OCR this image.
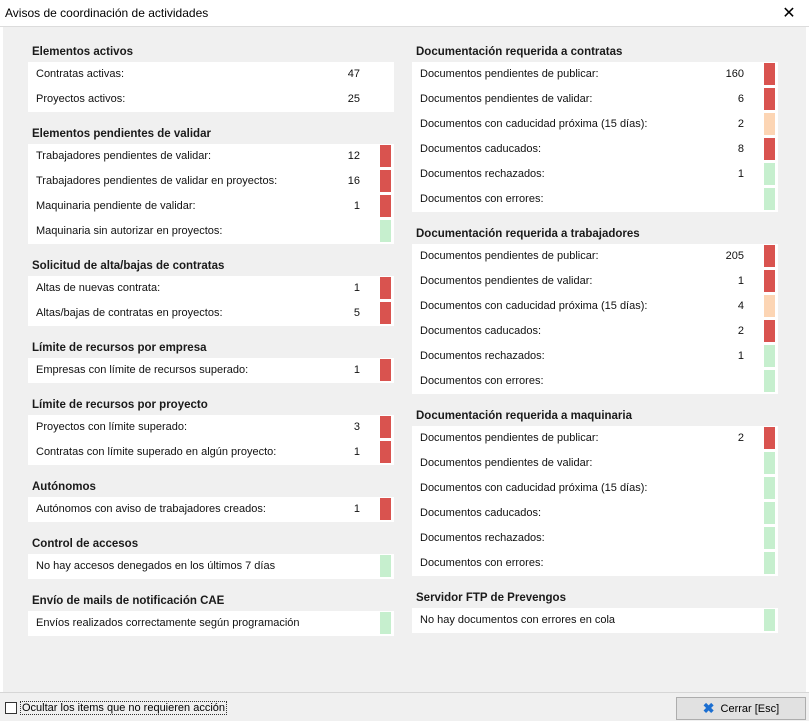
Avisos de coordinación de actividades	✕
Elementos activos
Contratas activas:	47
Proyectos activos:	25
Elementos pendientes de validar
Trabajadores pendientes de validar:	12
Trabajadores pendientes de validar en proyectos:	16
Maquinaria pendiente de validar:	1
Maquinaria sin autorizar en proyectos:
Solicitud de alta/bajas de contratas
Altas de nuevas contrata:	1
Altas/bajas de contratas en proyectos:	5
Límite de recursos por empresa
Empresas con límite de recursos superado:	1
Límite de recursos por proyecto
Proyectos con límite superado:	3
Contratas con límite superado en algún proyecto:	1
Autónomos
Autónomos con aviso de trabajadores creados:	1
Control de accesos
No hay accesos denegados en los últimos 7 días
Envío de mails de notificación CAE
Envíos realizados correctamente según programación
Documentación requerida a contratas
Documentos pendientes de publicar:	160
Documentos pendientes de validar:	6
Documentos con caducidad próxima (15 días):	2
Documentos caducados:	8
Documentos rechazados:	1
Documentos con errores:
Documentación requerida a trabajadores
Documentos pendientes de publicar:	205
Documentos pendientes de validar:	1
Documentos con caducidad próxima (15 días):	4
Documentos caducados:	2
Documentos rechazados:	1
Documentos con errores:
Documentación requerida a maquinaria
Documentos pendientes de publicar:	2
Documentos pendientes de validar:
Documentos con caducidad próxima (15 días):
Documentos caducados:
Documentos rechazados:
Documentos con errores:
Servidor FTP de Prevengos
No hay documentos con errores en cola
Ocultar los items que no requieren acción	✖ Cerrar [Esc]
